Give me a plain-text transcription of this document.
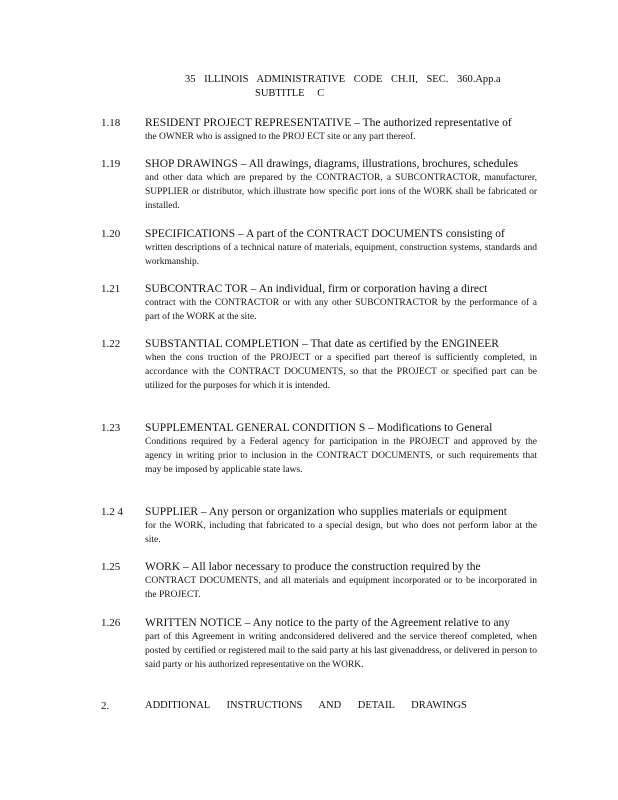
35 ILLINOIS ADMINISTRATIVE CODE CH.II, SEC. 360.App.a
SUBTITLE C
1.18 RESIDENT PROJECT REPRESENTATIVE – The authorized representative of
the OWNER who is assigned to the PROJ ECT site or any part thereof.
1.19 SHOP DRAWINGS – All drawings, diagrams, illustrations, brochures, schedules
and other data which are prepared by the CONTRACTOR, a SUBCONTRACTOR, manufacturer, SUPPLIER or distributor, which illustrate how specific port ions of the WORK shall be fabricated or installed.
1.20 SPECIFICATIONS – A part of the CONTRACT DOCUMENTS consisting of
written descriptions of a technical nature of materials, equipment, construction systems, standards and workmanship.
1.21 SUBCONTRAC TOR – An individual, firm or corporation having a direct
contract with the CONTRACTOR or with any other SUBCONTRACTOR by the performance of a part of the WORK at the site.
1.22 SUBSTANTIAL COMPLETION – That date as certified by the ENGINEER
when the cons truction of the PROJECT or a specified part thereof is sufficiently completed, in accordance with the CONTRACT DOCUMENTS, so that the PROJECT or specified part can be utilized for the purposes for which it is intended.
1.23 SUPPLEMENTAL GENERAL CONDITION S – Modifications to General
Conditions required by a Federal agency for participation in the PROJECT and approved by the agency in writing prior to inclusion in the CONTRACT DOCUMENTS, or such requirements that may be imposed by applicable state laws.
1.2 4 SUPPLIER – Any person or organization who supplies materials or equipment
for the WORK, including that fabricated to a special design, but who does not perform labor at the site.
1.25 WORK – All labor necessary to produce the construction required by the
CONTRACT DOCUMENTS, and all materials and equipment incorporated or to be incorporated in the PROJECT.
1.26 WRITTEN NOTICE – Any notice to the party of the Agreement relative to any
part of this Agreement in writing andconsidered delivered and the service thereof completed, when posted by certified or registered mail to the said party at his last givenaddress, or delivered in person to said party or his authorized representative on the WORK.
2.	ADDITIONAL INSTRUCTIONS AND DETAIL DRAWINGS
